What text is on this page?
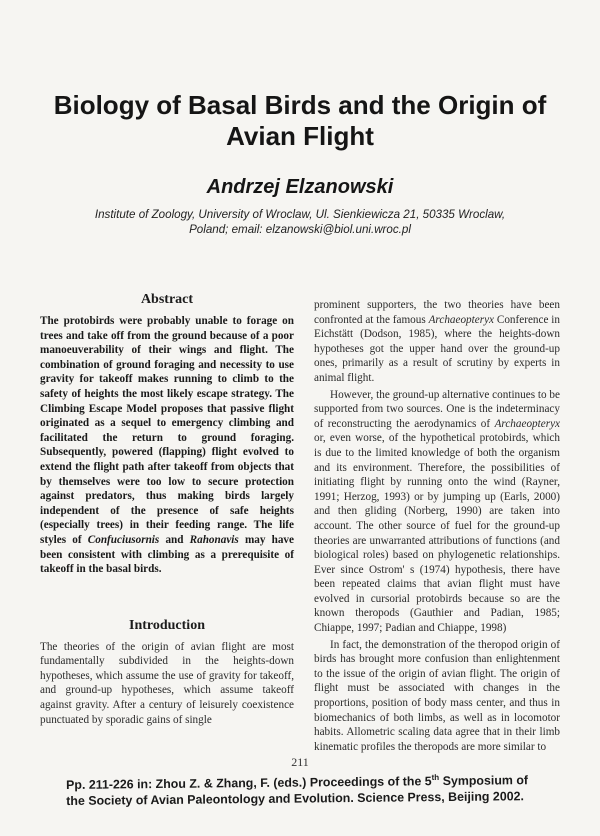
Biology of Basal Birds and the Origin of Avian Flight
Andrzej Elzanowski
Institute of Zoology, University of Wroclaw, Ul. Sienkiewicza 21, 50335 Wroclaw,
Poland; email: elzanowski@biol.uni.wroc.pl
Abstract
The protobirds were probably unable to forage on trees and take off from the ground because of a poor manoeuverability of their wings and flight. The combination of ground foraging and necessity to use gravity for takeoff makes running to climb to the safety of heights the most likely escape strategy. The Climbing Escape Model proposes that passive flight originated as a sequel to emergency climbing and facilitated the return to ground foraging. Subsequently, powered (flapping) flight evolved to extend the flight path after takeoff from objects that by themselves were too low to secure protection against predators, thus making birds largely independent of the presence of safe heights (especially trees) in their feeding range. The life styles of Confuciusornis and Rahonavis may have been consistent with climbing as a prerequisite of takeoff in the basal birds.
Introduction
The theories of the origin of avian flight are most fundamentally subdivided in the heights-down hypotheses, which assume the use of gravity for takeoff, and ground-up hypotheses, which assume takeoff against gravity. After a century of leisurely coexistence punctuated by sporadic gains of single

prominent supporters, the two theories have been confronted at the famous Archaeopteryx Conference in Eichstätt (Dodson, 1985), where the heights-down hypotheses got the upper hand over the ground-up ones, primarily as a result of scrutiny by experts in animal flight.

However, the ground-up alternative continues to be supported from two sources. One is the indeterminacy of reconstructing the aerodynamics of Archaeopteryx or, even worse, of the hypothetical protobirds, which is due to the limited knowledge of both the organism and its environment. Therefore, the possibilities of initiating flight by running onto the wind (Rayner, 1991; Herzog, 1993) or by jumping up (Earls, 2000) and then gliding (Norberg, 1990) are taken into account. The other source of fuel for the ground-up theories are unwarranted attributions of functions (and biological roles) based on phylogenetic relationships. Ever since Ostrom' s (1974) hypothesis, there have been repeated claims that avian flight must have evolved in cursorial protobirds because so are the known theropods (Gauthier and Padian, 1985; Chiappe, 1997; Padian and Chiappe, 1998)

In fact, the demonstration of the theropod origin of birds has brought more confusion than enlightenment to the issue of the origin of avian flight. The origin of flight must be associated with changes in the proportions, position of body mass center, and thus in biomechanics of both limbs, as well as in locomotor habits. Allometric scaling data agree that in their limb kinematic profiles the theropods are more similar to

211
Pp. 211-226 in: Zhou Z. & Zhang, F. (eds.) Proceedings of the 5th Symposium of the Society of Avian Paleontology and Evolution. Science Press, Beijing 2002.
